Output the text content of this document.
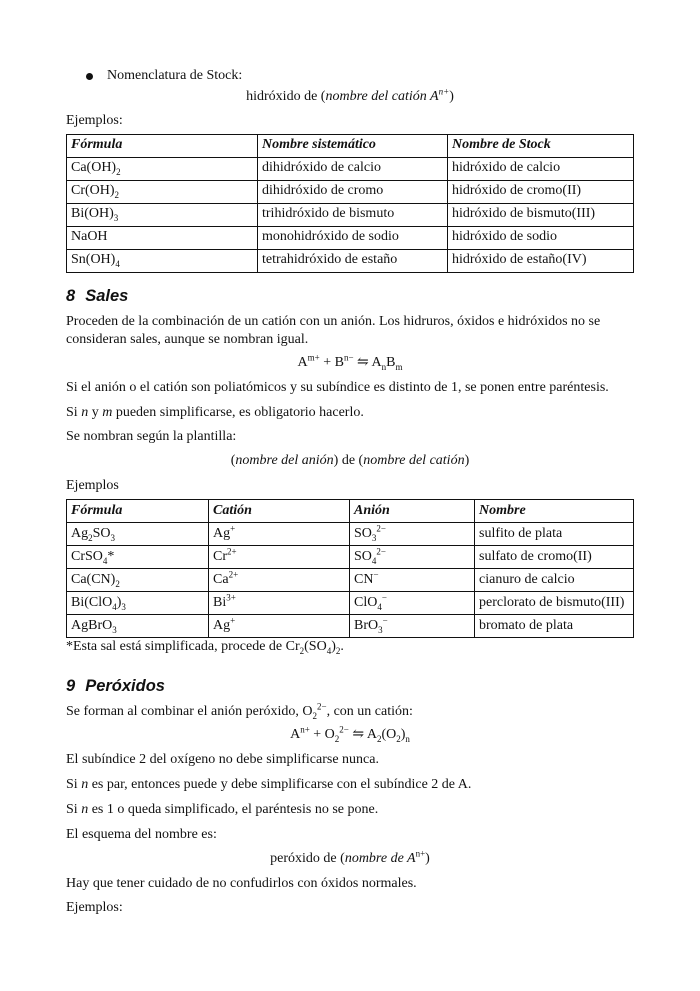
Nomenclatura de Stock:

hidróxido de (nombre del catión $A^{n+}$)

Ejemplos:

Fórmula	Nombre sistemático	Nombre de Stock
$Ca(OH)_2$	dihidróxido de calcio	hidróxido de calcio
$Cr(OH)_2$	dihidróxido de cromo	hidróxido de cromo(II)
$Bi(OH)_3$	trihidróxido de bismuto	hidróxido de bismuto(III)
NaOH	monohidróxido de sodio	hidróxido de sodio
$Sn(OH)_4$	tetrahidróxido de estaño	hidróxido de estaño(IV)
8 Sales

Proceden de la combinación de un catión con un anión. Los hidruros, óxidos e hidróxidos no se consideran sales, aunque se nombran igual.

$A^{m+} + B^{n-}$ ⇋ $A_nB_m$

Si el anión o el catión son poliatómicos y su subíndice es distinto de 1, se ponen entre paréntesis.

Si n y m pueden simplificarse, es obligatorio hacerlo.

Se nombran según la plantilla:

(nombre del anión) de (nombre del catión)

Ejemplos

Fórmula	Catión	Anión	Nombre
$Ag_2SO_3$	Ag+	$SO_3^{2-}$	sulfito de plata
CrSO$_4$*	$Cr^{2+}$	$SO_4^{2-}$	sulfato de cromo(II)
$Ca(CN)_2$	$Ca^{2+}$	CN−	cianuro de calcio
$Bi(ClO_4)_3$	$Bi^{3+}$	ClO$_4$−	perclorato de bismuto(III)
AgBrO$_3$	Ag+	BrO$_3$−	bromato de plata

*Esta sal está simplificada, procede de $Cr_2(SO_4)_2$.

9 Peróxidos

Se forman al combinar el anión peróxido, $O_2^{2-}$, con un catión:

$A^{n+} + O_2^{2-}$ ⇋ $A_2(O_2)_n$

El subíndice 2 del oxígeno no debe simplificarse nunca.

Si n es par, entonces puede y debe simplificarse con el subíndice 2 de A.

Si n es 1 o queda simplificado, el paréntesis no se pone.

El esquema del nombre es:

peróxido de (nombre de $A^{n+}$)

Hay que tener cuidado de no confudirlos con óxidos normales.

Ejemplos:
